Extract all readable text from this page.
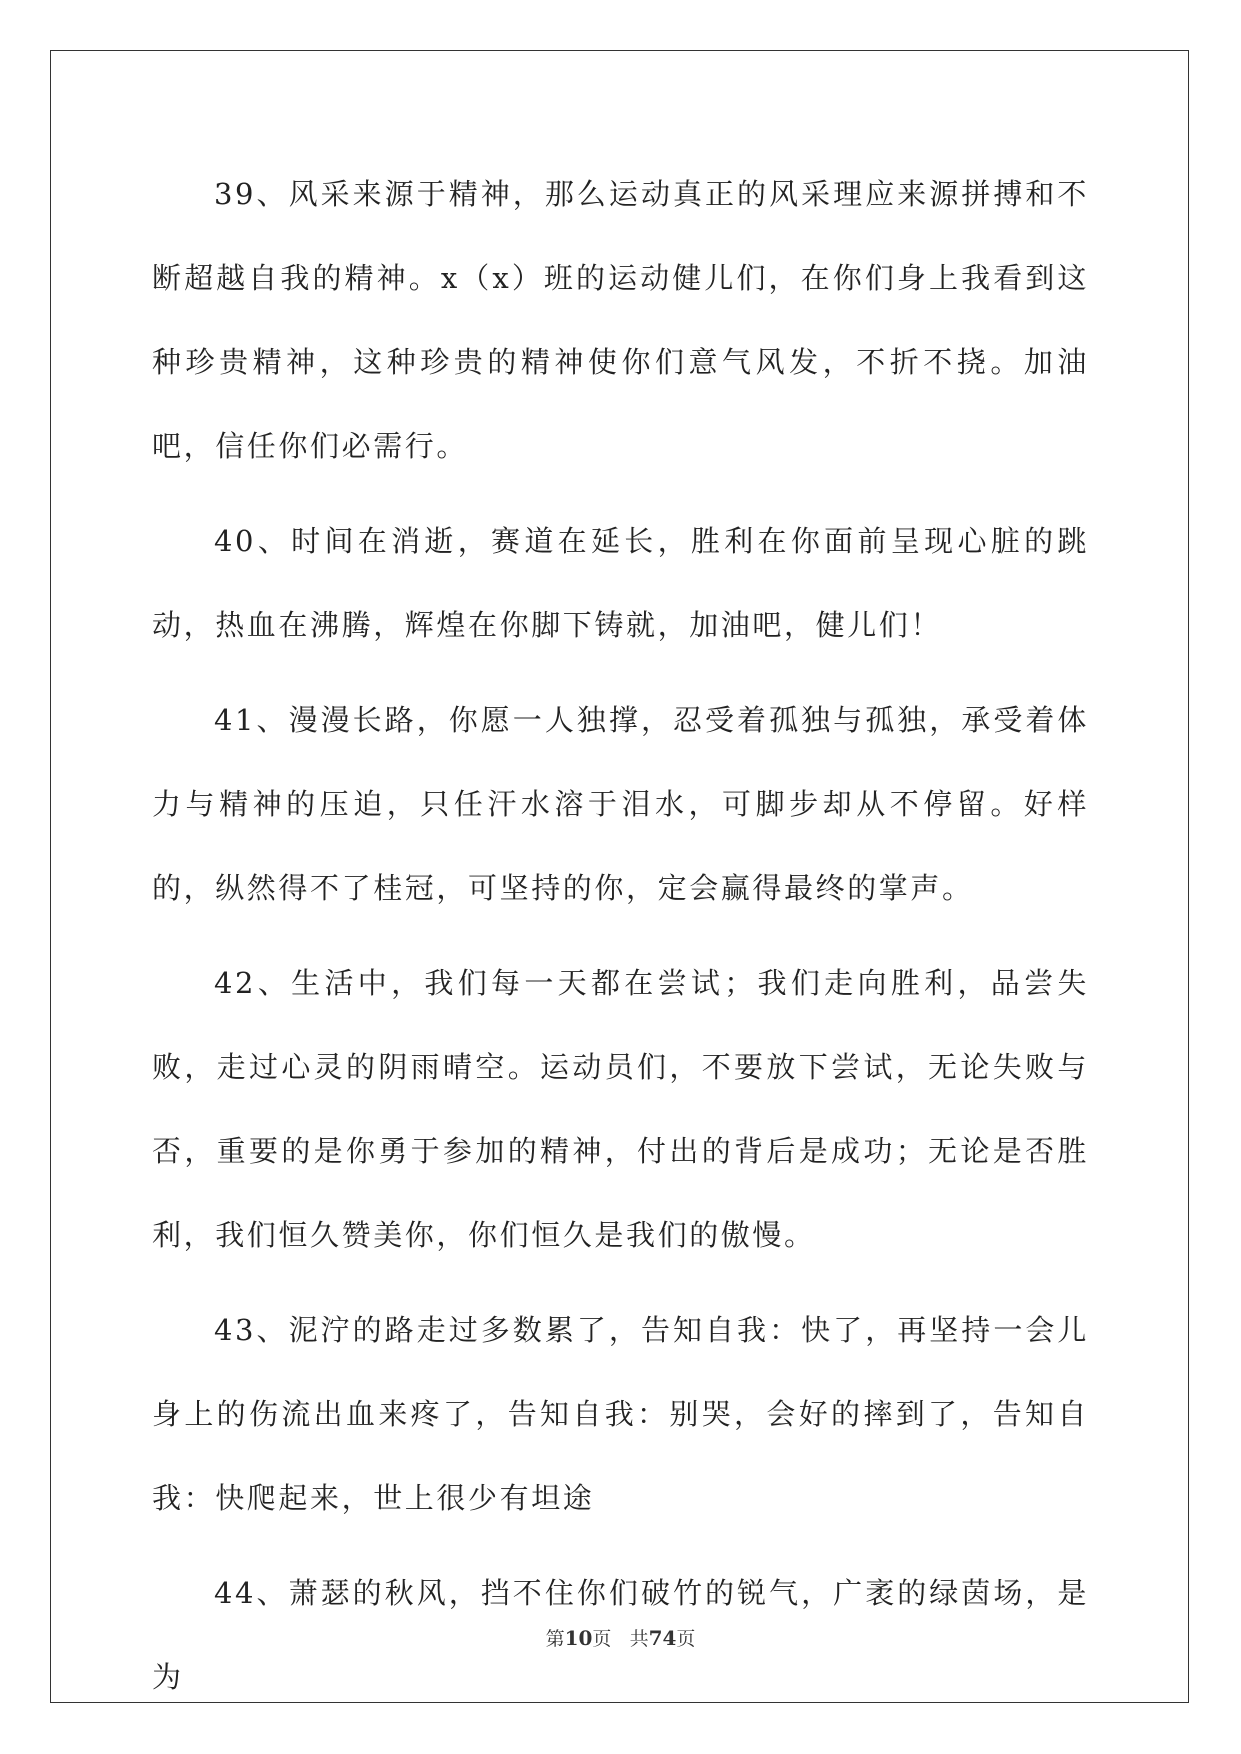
39、风采来源于精神，那么运动真正的风采理应来源拼搏和不断超越自我的精神。x（x）班的运动健儿们，在你们身上我看到这种珍贵精神，这种珍贵的精神使你们意气风发，不折不挠。加油吧，信任你们必需行。

40、时间在消逝，赛道在延长，胜利在你面前呈现心脏的跳动，热血在沸腾，辉煌在你脚下铸就，加油吧，健儿们！

41、漫漫长路，你愿一人独撑，忍受着孤独与孤独，承受着体力与精神的压迫，只任汗水溶于泪水，可脚步却从不停留。好样的，纵然得不了桂冠，可坚持的你，定会赢得最终的掌声。

42、生活中，我们每一天都在尝试；我们走向胜利，品尝失败，走过心灵的阴雨晴空。运动员们，不要放下尝试，无论失败与否，重要的是你勇于参加的精神，付出的背后是成功；无论是否胜利，我们恒久赞美你，你们恒久是我们的傲慢。

43、泥泞的路走过多数累了，告知自我：快了，再坚持一会儿身上的伤流出血来疼了，告知自我：别哭，会好的摔到了，告知自我：快爬起来，世上很少有坦途

44、萧瑟的秋风，挡不住你们破竹的锐气，广袤的绿茵场，是为

第10页 共74页
